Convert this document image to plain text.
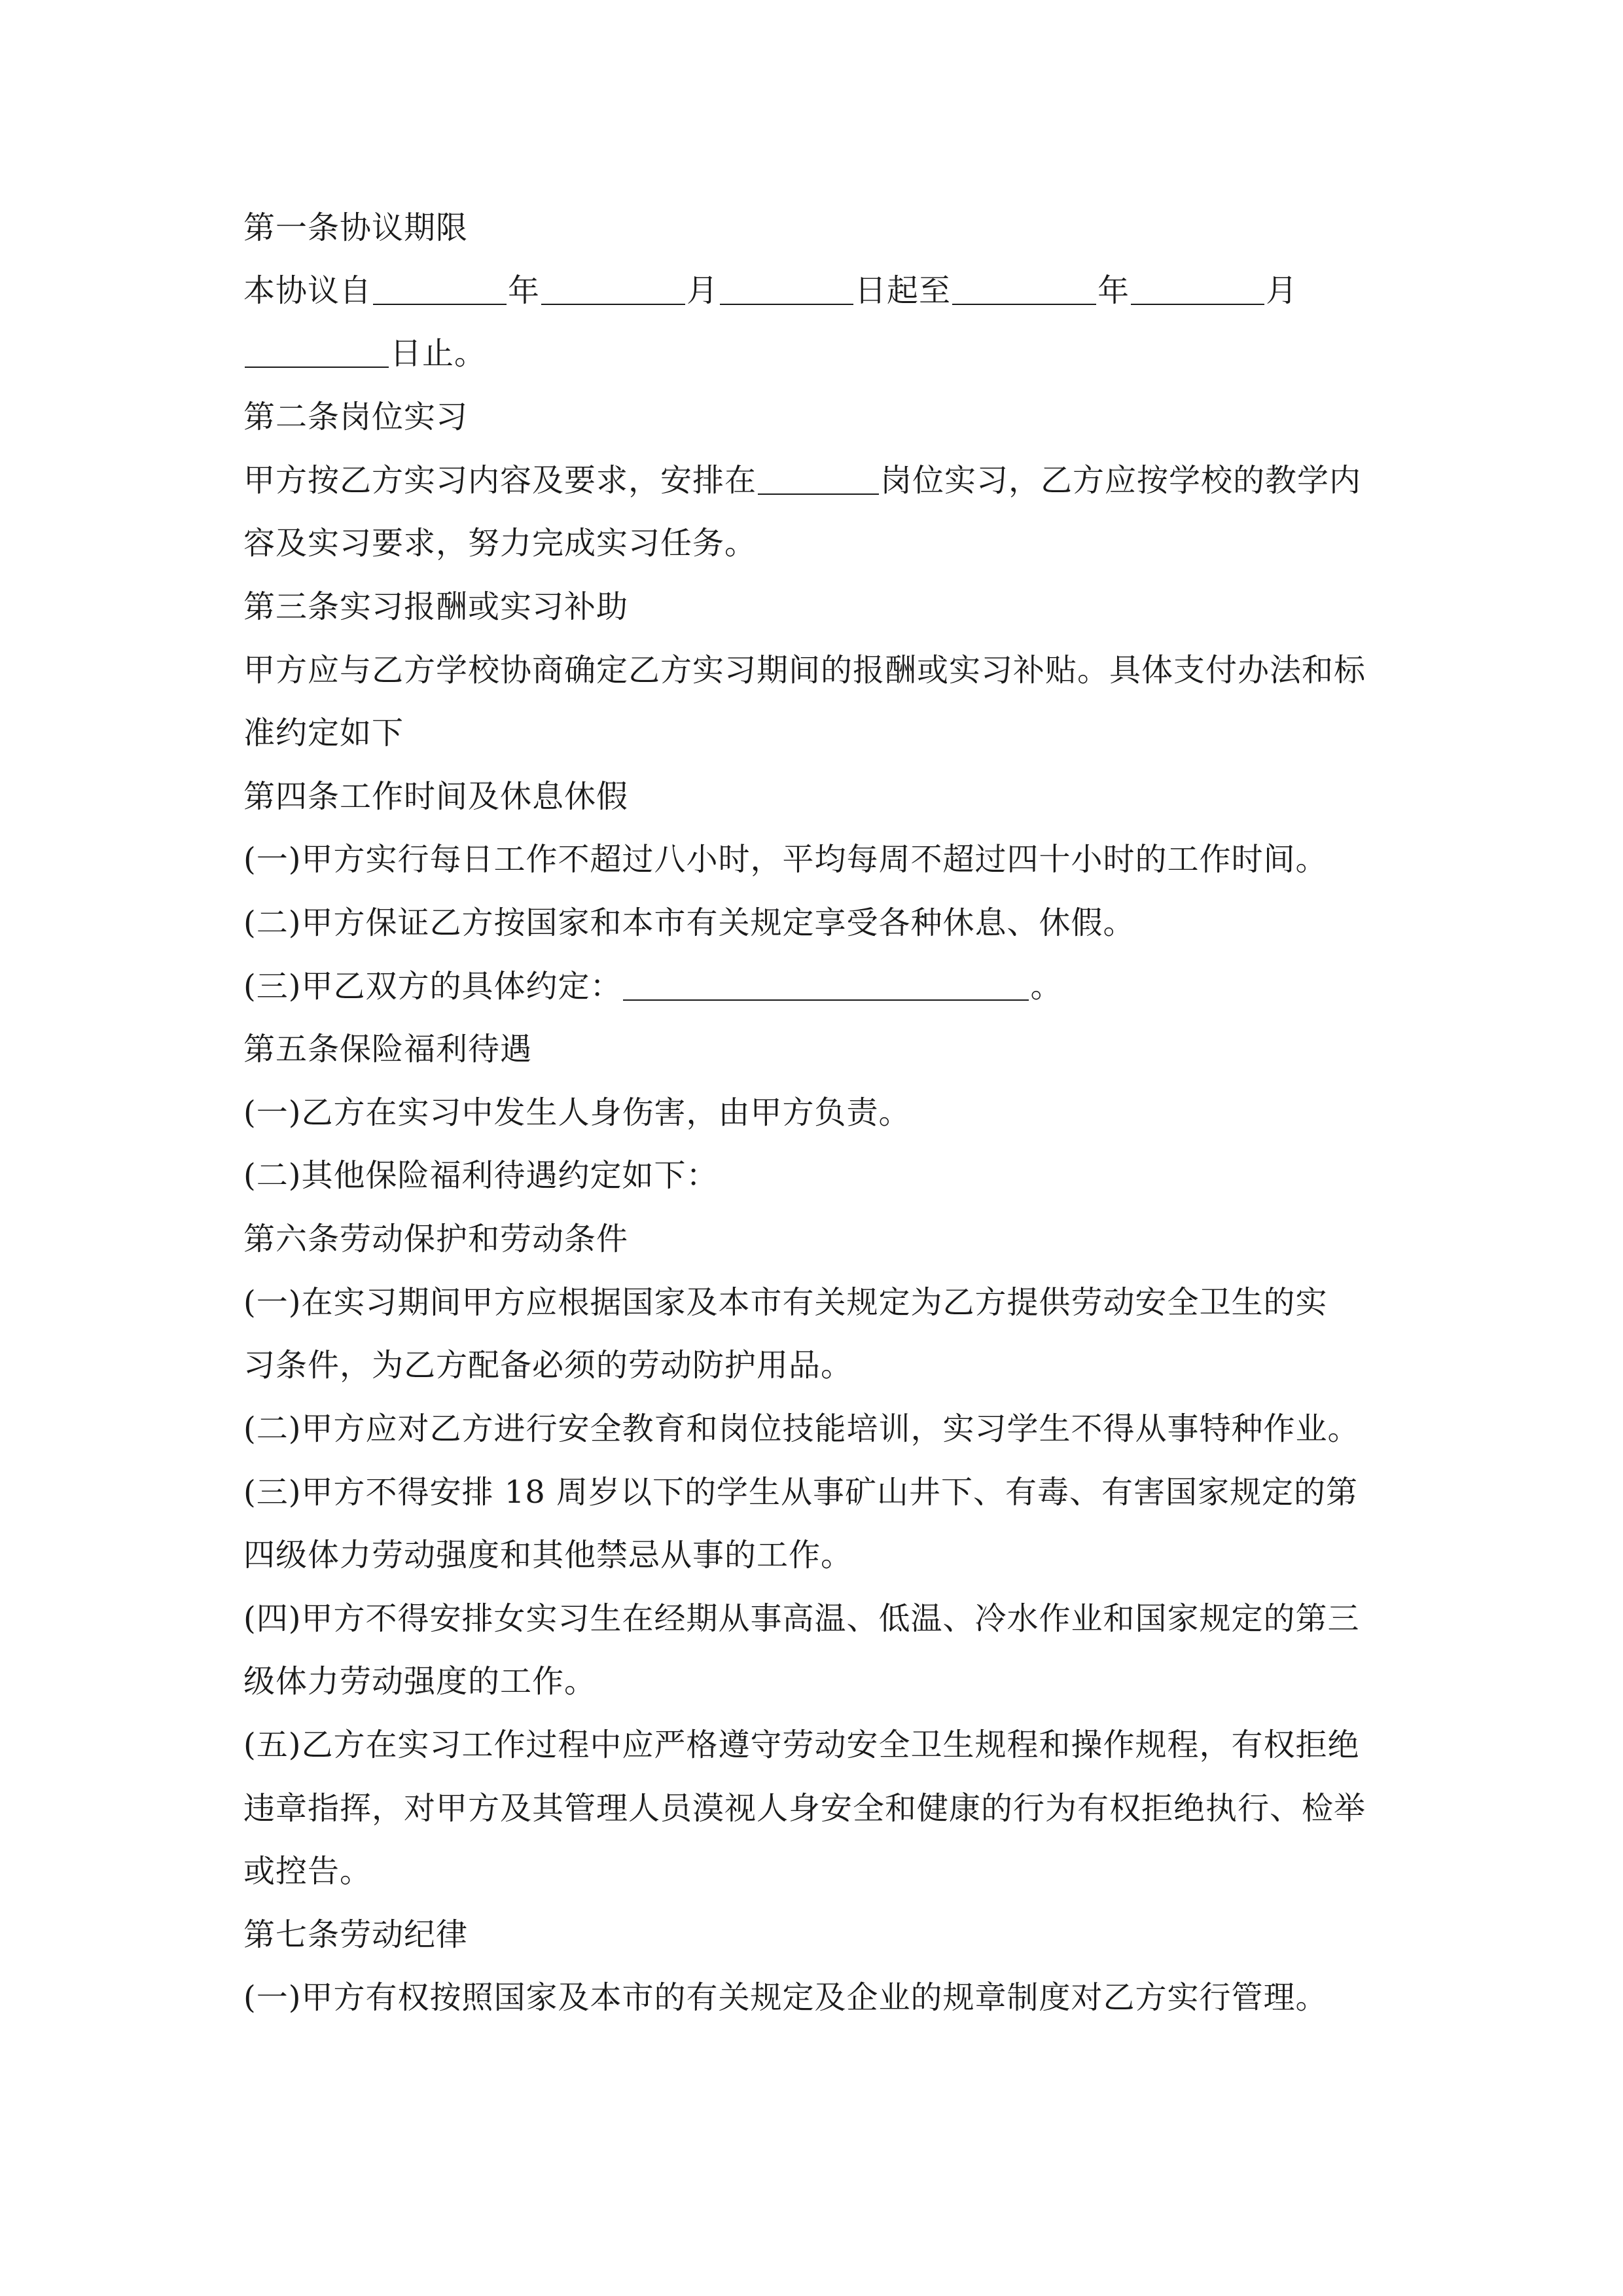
第一条协议期限
本协议自	年	月	日起至	年	月
日止。
第二条岗位实习
甲方按乙方实习内容及要求，安排在	岗位实习，乙方应按学校的教学内
容及实习要求，努力完成实习任务。
第三条实习报酬或实习补助
甲方应与乙方学校协商确定乙方实习期间的报酬或实习补贴。具体支付办法和标
准约定如下
第四条工作时间及休息休假
(一)甲方实行每日工作不超过八小时，平均每周不超过四十小时的工作时间。
(二)甲方保证乙方按国家和本市有关规定享受各种休息、休假。
(三)甲乙双方的具体约定：	。
第五条保险福利待遇
(一)乙方在实习中发生人身伤害，由甲方负责。
(二)其他保险福利待遇约定如下：
第六条劳动保护和劳动条件
(一)在实习期间甲方应根据国家及本市有关规定为乙方提供劳动安全卫生的实
习条件，为乙方配备必须的劳动防护用品。
(二)甲方应对乙方进行安全教育和岗位技能培训，实习学生不得从事特种作业。
(三)甲方不得安排 18 周岁以下的学生从事矿山井下、有毒、有害国家规定的第
四级体力劳动强度和其他禁忌从事的工作。
(四)甲方不得安排女实习生在经期从事高温、低温、冷水作业和国家规定的第三
级体力劳动强度的工作。
(五)乙方在实习工作过程中应严格遵守劳动安全卫生规程和操作规程，有权拒绝
违章指挥，对甲方及其管理人员漠视人身安全和健康的行为有权拒绝执行、检举
或控告。
第七条劳动纪律
(一)甲方有权按照国家及本市的有关规定及企业的规章制度对乙方实行管理。
